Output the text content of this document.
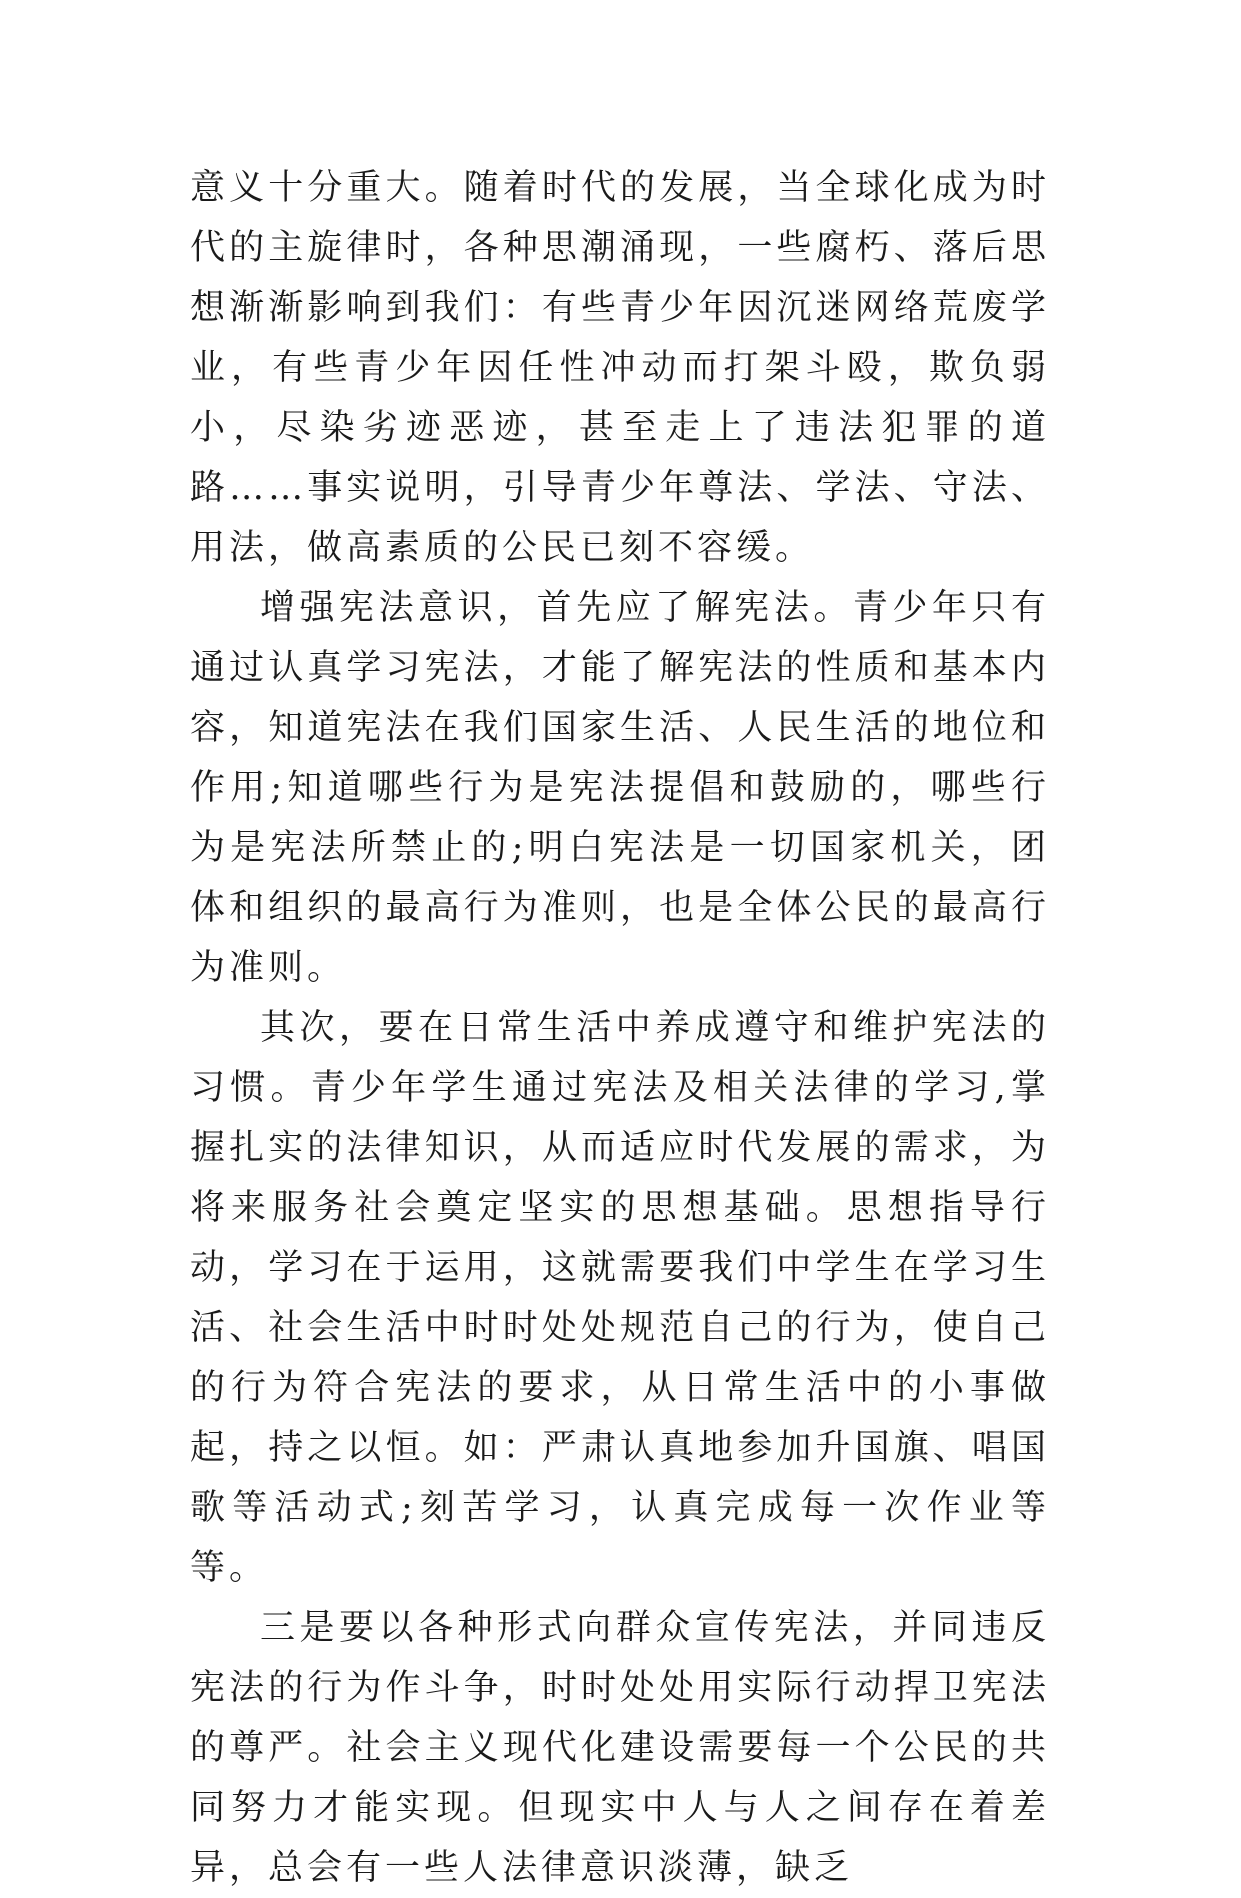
意义十分重大。随着时代的发展，当全球化成为时代的主旋律时，各种思潮涌现，一些腐朽、落后思想渐渐影响到我们：有些青少年因沉迷网络荒废学业，有些青少年因任性冲动而打架斗殴，欺负弱小，尽染劣迹恶迹，甚至走上了违法犯罪的道路……事实说明，引导青少年尊法、学法、守法、用法，做高素质的公民已刻不容缓。

增强宪法意识，首先应了解宪法。青少年只有通过认真学习宪法，才能了解宪法的性质和基本内容，知道宪法在我们国家生活、人民生活的地位和作用;知道哪些行为是宪法提倡和鼓励的，哪些行为是宪法所禁止的;明白宪法是一切国家机关，团体和组织的最高行为准则，也是全体公民的最高行为准则。

其次，要在日常生活中养成遵守和维护宪法的习惯。青少年学生通过宪法及相关法律的学习,掌握扎实的法律知识，从而适应时代发展的需求，为将来服务社会奠定坚实的思想基础。思想指导行动，学习在于运用，这就需要我们中学生在学习生活、社会生活中时时处处规范自己的行为，使自己的行为符合宪法的要求，从日常生活中的小事做起，持之以恒。如：严肃认真地参加升国旗、唱国歌等活动式;刻苦学习，认真完成每一次作业等等。

三是要以各种形式向群众宣传宪法，并同违反宪法的行为作斗争，时时处处用实际行动捍卫宪法的尊严。社会主义现代化建设需要每一个公民的共同努力才能实现。但现实中人与人之间存在着差异，总会有一些人法律意识淡薄，缺乏
